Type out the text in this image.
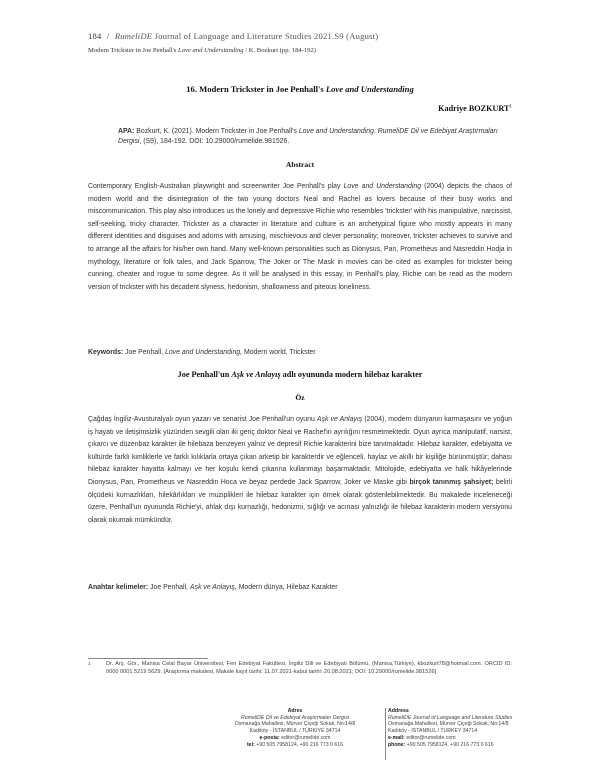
184 / RumeliDE Journal of Language and Literature Studies 2021.S9 (August)
Modern Trickster in Joe Penhall's Love and Understanding / K. Bozkurt (pp. 184-192)
16. Modern Trickster in Joe Penhall's Love and Understanding
Kadriye BOZKURT$^1$
APA: Bozkurt, K. (2021). Modern Trickster in Joe Penhall's Love and Understanding. RumeliDE Dil ve Edebiyat Araştırmaları Dergisi, (S9), 184-192. DOI: 10.29000/rumelide.981526.
Abstract
Contemporary English-Australian playwright and screenwriter Joe Penhall's play Love and Understanding (2004) depicts the chaos of modern world and the disintegration of the two young doctors Neal and Rachel as lovers because of their busy works and miscommunication. This play also introduces us the lonely and depressive Richie who resembles 'trickster' with his manipulative, narcissist, self-seeking, tricky character. Trickster as a character in literature and culture is an archetypical figure who mostly appears in many different identities and disguises and adorns with amusing, mischievous and clever personality; moreover, trickster achieves to survive and to arrange all the affairs for his/her own hand. Many well-known personalities such as Dionysus, Pan, Prometheus and Nasreddin Hodja in mythology, literature or folk tales, and Jack Sparrow, The Joker or The Mask in movies can be cited as examples for trickster being cunning, cheater and rogue to some degree. As it will be analysed in this essay, in Penhall's play, Richie can be read as the modern version of trickster with his decadent slyness, hedonism, shallowness and piteous loneliness.
Keywords: Joe Penhall, Love and Understanding, Modern world, Trickster
Joe Penhall'un Aşk ve Anlayış adlı oyununda modern hilebaz karakter
Öz
Çağdaş İngiliz-Avusturalyalı oyun yazarı ve senarist Joe Penhall'un oyunu Aşk ve Anlayış (2004), modern dünyanın karmaşasını ve yoğun iş hayatı ve iletişimsizlik yüzünden sevgili olan iki genç doktor Neal ve Rachel'in ayrılığını resmetmektedir. Oyun ayrıca manipulatif, narsist, çıkarcı ve düzenbaz karakter ile hilebaza benzeyen yalnız ve depresif Richie karakterini bize tanıtmaktadır. Hilebaz karakter, edebiyatta ve kültürde farklı kimliklerle ve farklı kılıklarla ortaya çıkan arketip bir karakterdir ve eğlenceli, haylaz ve akıllı bir kişiliğe bürünmüştür; dahası hilebaz karakter hayatta kalmayı ve her koşulu kendi çıkarına kullanmayı başarmaktadır. Mitolojide, edebiyatta ve halk hikâyelerinde Dionysus, Pan, Prometheus ve Nasreddin Hoca ve beyaz perdede Jack Sparrow, Joker ve Maske gibi birçok tanınmış şahsiyet; belirli ölçüdeki kurnazlıkları, hilekârlıkları ve muziplikleri ile hilebaz karakter için örnek olarak gösterilebilmektedir. Bu makalede inceleneceği üzere, Penhall'un oyununda Richie'yi, ahlak dışı kurnazlığı, hedonizmi, sığlığı ve acınası yalnızlığı ile hilebaz karakterin modern versiyonu olarak okumak mümkündür.
Anahtar kelimeler: Joe Penhall, Aşk ve Anlayış, Modern dünya, Hilebaz Karakter
1	Dr. Arş. Gör., Manisa Celal Bayar Üniversitesi, Fen Edebiyat Fakültesi, İngiliz Dili ve Edebiyatı Bölümü, (Manisa,Türkiye), kbozkurt78@hotmail.com. ORCID ID: 0000 0001 5219 5629. [Araştırma makalesi, Makale kayıt tarihi: 11.07.2021-kabul tarihi: 20.08.2021; DOI: 10.29000/rumelide.981526]
Adres
RumeliDE Dil ve Edebiyat Araştırmaları Dergisi
Osmanağa Mahallesi, Mürver Çiçeği Sokak, No:14/8
Kadıköy - İSTANBUL / TÜRKİYE 34714
e-posta: editor@rumelide.com
tel: +90 505 7958124, +90 216 773 0 616
Address
RumeliDE Journal of Language and Literature Studies
Osmanağa Mahallesi, Mürver Çiçeği Sokak, No:14/8
Kadıköy - ISTANBUL / TURKEY 34714
e-mail: editor@rumelide.com
phone: +90 505 7958124, +90 216 773 0 616
